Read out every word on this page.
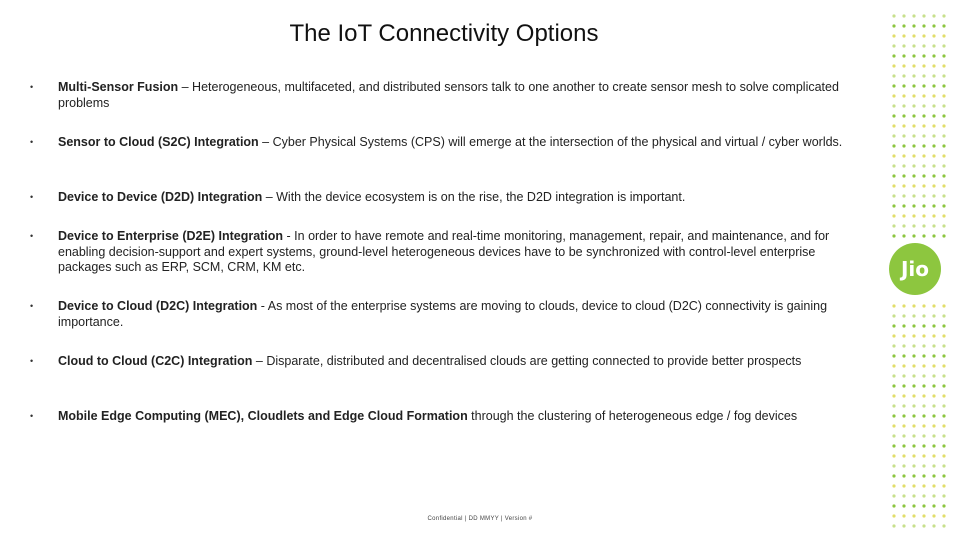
The IoT Connectivity Options
•	Multi-Sensor Fusion – Heterogeneous, multifaceted, and distributed sensors talk to one another to create sensor mesh to solve complicated problems
•	Sensor to Cloud (S2C) Integration – Cyber Physical Systems (CPS) will emerge at the intersection of the physical and virtual / cyber worlds.
•	Device to Device (D2D) Integration – With the device ecosystem is on the rise, the D2D integration is important.
•	Device to Enterprise (D2E) Integration - In order to have remote and real-time monitoring, management, repair, and maintenance, and for enabling decision-support and expert systems, ground-level heterogeneous devices have to be synchronized with control-level enterprise packages such as ERP, SCM, CRM, KM etc.
•	Device to Cloud (D2C) Integration - As most of the enterprise systems are moving to clouds, device to cloud (D2C) connectivity is gaining importance.
•	Cloud to Cloud (C2C) Integration – Disparate, distributed and decentralised clouds are getting connected to provide better prospects
•	Mobile Edge Computing (MEC), Cloudlets and Edge Cloud Formation through the clustering of heterogeneous edge / fog devices
Confidential | DD MMYY | Version #
Jio
